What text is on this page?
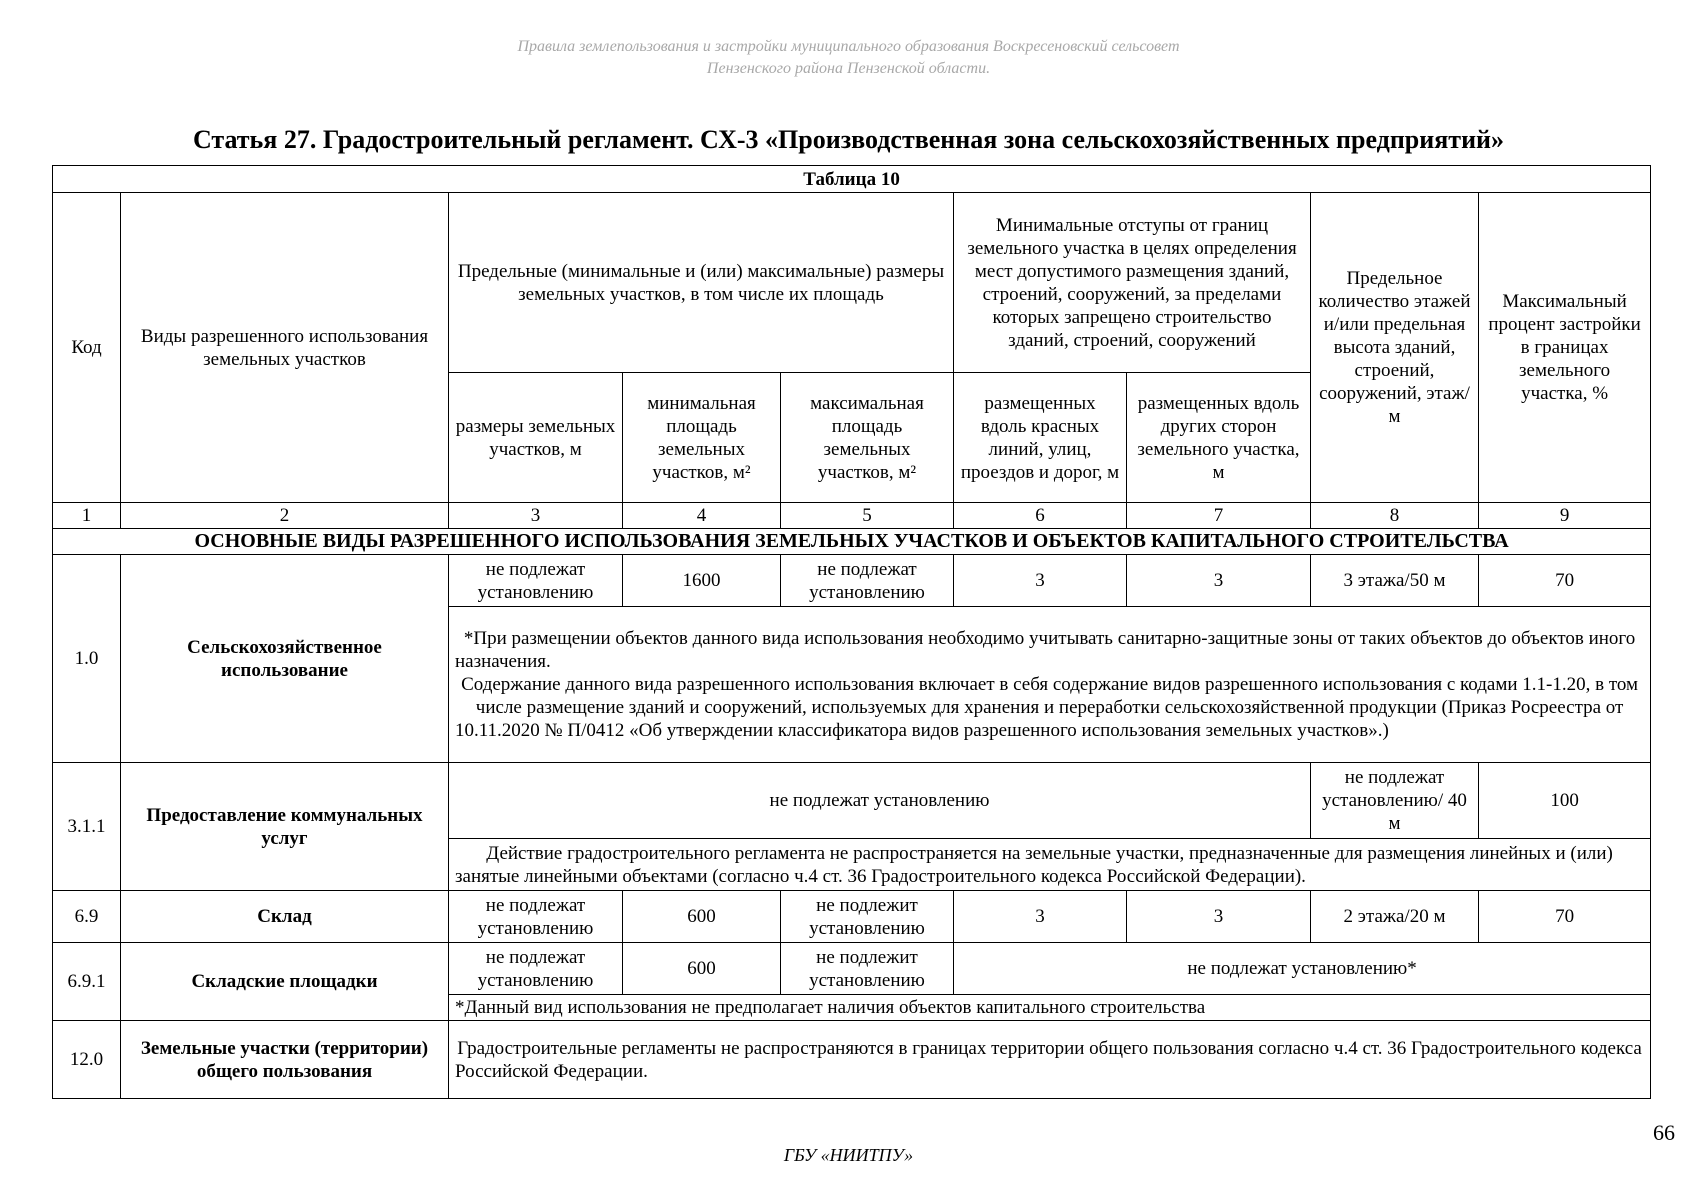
Правила землепользования и застройки муниципального образования Воскресеновский сельсовет
Пензенского района Пензенской области.
Статья 27. Градостроительный регламент. СХ-3 «Производственная зона сельскохозяйственных предприятий»
Таблица 10								
Код	Виды разрешенного использования земельных участков	Предельные (минимальные и (или) максимальные) размеры земельных участков, в том числе их площадь			Минимальные отступы от границ земельного участка в целях определения мест допустимого размещения зданий, строений, сооружений, за пределами которых запрещено строительство зданий, строений, сооружений		Предельное количество этажей и/или предельная высота зданий, строений, сооружений, этаж/м	Максимальный процент застройки в границах земельного участка, %
		размеры земельных участков, м	минимальная площадь земельных участков, м²	максимальная площадь земельных участков, м²	размещенных вдоль красных линий, улиц, проездов и дорог, м	размещенных вдоль других сторон земельного участка, м		
1	2	3	4	5	6	7	8	9
ОСНОВНЫЕ ВИДЫ РАЗРЕШЕННОГО ИСПОЛЬЗОВАНИЯ ЗЕМЕЛЬНЫХ УЧАСТКОВ И ОБЪЕКТОВ КАПИТАЛЬНОГО СТРОИТЕЛЬСТВА								
1.0	Сельскохозяйственное использование	не подлежат установлению	1600	не подлежат установлению	3	3	3 этажа/50 м	70

		*При размещении объектов данного вида использования необходимо учитывать санитарно-защитные зоны от таких объектов до объектов иного назначения.
Содержание данного вида разрешенного использования включает в себя содержание видов разрешенного использования с кодами 1.1-1.20, в том числе размещение зданий и сооружений, используемых для хранения и переработки сельскохозяйственной продукции (Приказ Росреестра от 10.11.2020 № П/0412 «Об утверждении классификатора видов разрешенного использования земельных участков».)						

3.1.1	Предоставление коммунальных услуг	не подлежат установлению					не подлежат установлению/ 40 м	100
		Действие градостроительного регламента не распространяется на земельные участки, предназначенные для размещения линейных и (или) занятые линейными объектами (согласно ч.4 ст. 36 Градостроительного кодекса Российской Федерации).						
6.9	Склад	не подлежат установлению	600	не подлежит установлению	3	3	2 этажа/20 м	70
6.9.1	Складские площадки	не подлежат установлению	600	не подлежит установлению	не подлежат установлению*			
		*Данный вид использования не предполагает наличия объектов капитального строительства						
12.0	Земельные участки (территории) общего пользования	Градостроительные регламенты не распространяются в границах территории общего пользования согласно ч.4 ст. 36 Градостроительного кодекса Российской Федерации.						
66
ГБУ «НИИТПУ»
